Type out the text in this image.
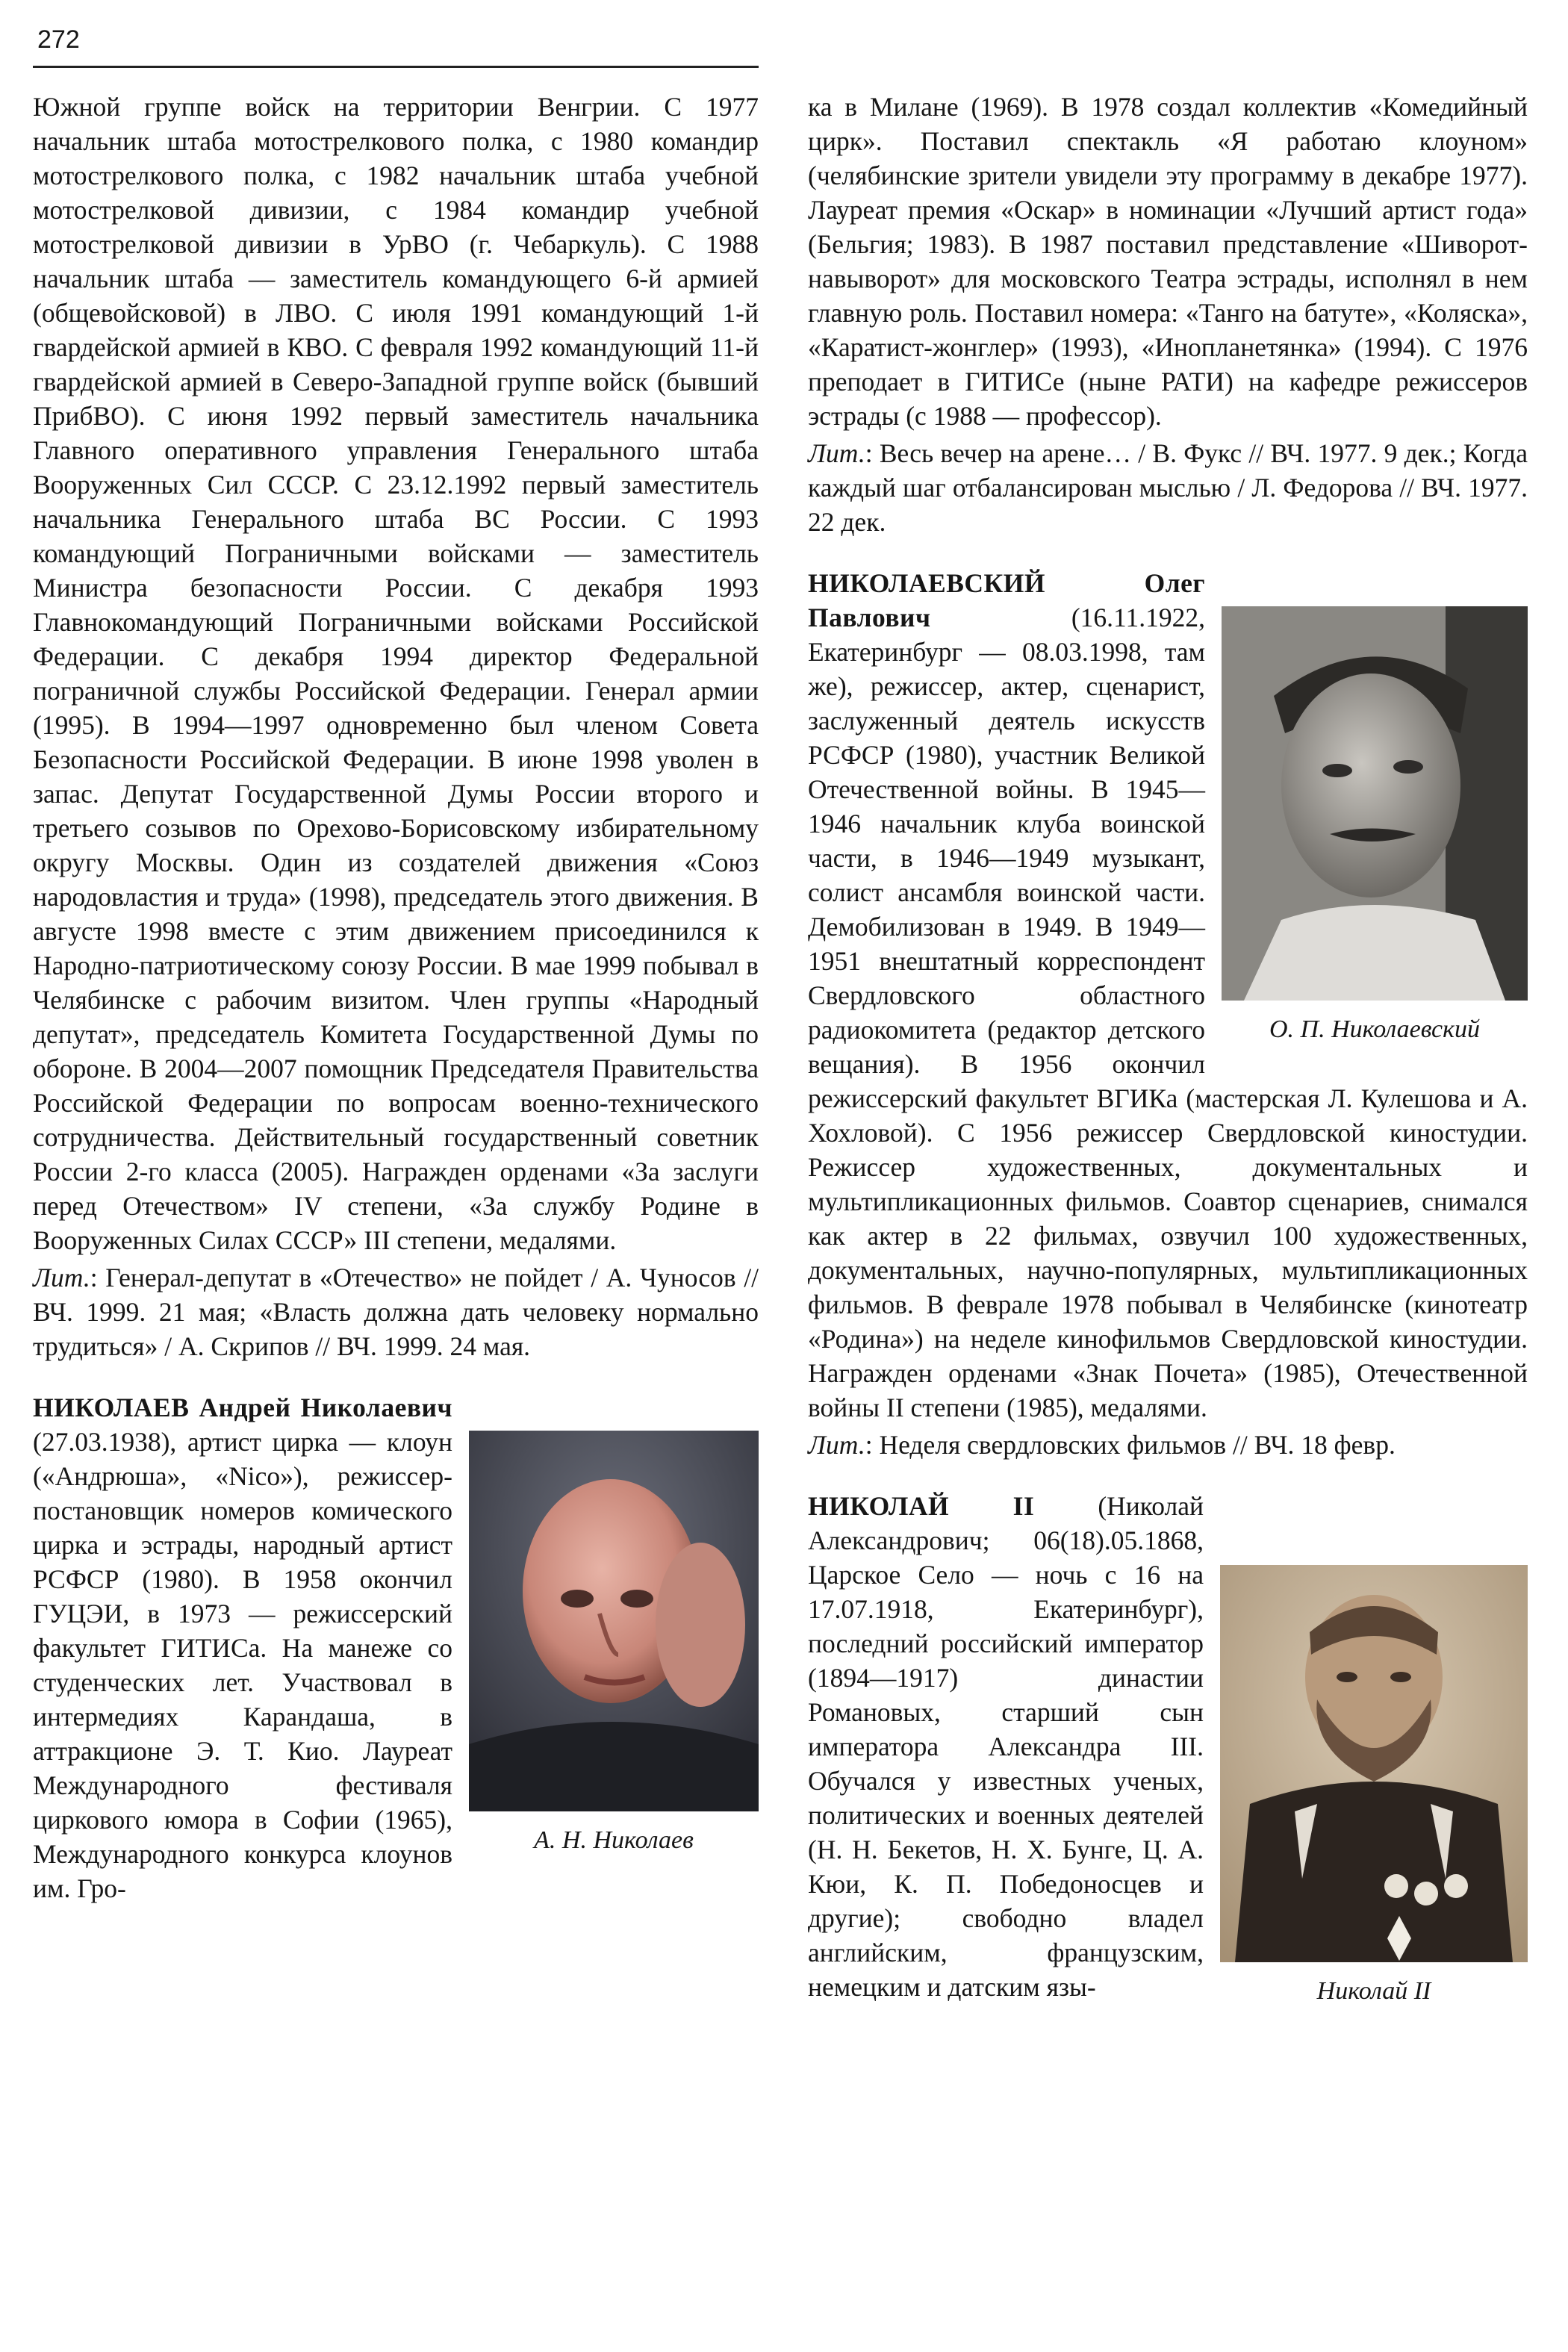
272

Южной группе войск на территории Венгрии. С 1977 начальник штаба мотострелкового полка, с 1980 командир мотострелкового полка, с 1982 начальник штаба учебной мотострелковой дивизии, с 1984 командир учебной мотострелковой дивизии в УрВО (г. Чебаркуль). С 1988 начальник штаба — заместитель командующего 6-й армией (общевойсковой) в ЛВО. С июля 1991 командующий 1-й гвардейской армией в КВО. С февраля 1992 командующий 11-й гвардейской армией в Северо-Западной группе войск (бывший ПрибВО). С июня 1992 первый заместитель начальника Главного оперативного управления Генерального штаба Вооруженных Сил СССР. С 23.12.1992 первый заместитель начальника Генерального штаба ВС России. С 1993 командующий Пограничными войсками — заместитель Министра безопасности России. С декабря 1993 Главнокомандующий Пограничными войсками Российской Федерации. С декабря 1994 директор Федеральной пограничной службы Российской Федерации. Генерал армии (1995). В 1994—1997 одновременно был членом Совета Безопасности Российской Федерации. В июне 1998 уволен в запас. Депутат Государственной Думы России второго и третьего созывов по Орехово-Борисовскому избирательному округу Москвы. Один из создателей движения «Союз народовластия и труда» (1998), председатель этого движения. В августе 1998 вместе с этим движением присоединился к Народно-патриотическому союзу России. В мае 1999 побывал в Челябинске с рабочим визитом. Член группы «Народный депутат», председатель Комитета Государственной Думы по обороне. В 2004—2007 помощник Председателя Правительства Российской Федерации по вопросам военно-технического сотрудничества. Действительный государственный советник России 2-го класса (2005). Награжден орденами «За заслуги перед Отечеством» IV степени, «За службу Родине в Вооруженных Силах СССР» III степени, медалями.

Лит.: Генерал-депутат в «Отечество» не пойдет / А. Чуносов // ВЧ. 1999. 21 мая; «Власть должна дать человеку нормально трудиться» / А. Скрипов // ВЧ. 1999. 24 мая.

А. Н. Николаев

НИКОЛАЕВ Андрей Николаевич (27.03.1938), артист цирка — клоун («Андрюша», «Nico»), режиссер-постановщик номеров комического цирка и эстрады, народный артист РСФСР (1980). В 1958 окончил ГУЦЭИ, в 1973 — режиссерский факультет ГИТИСа. На манеже со студенческих лет. Участвовал в интермедиях Карандаша, в аттракционе Э. Т. Кио. Лауреат Международного фестиваля циркового юмора в Софии (1965), Международного конкурса клоунов им. Гро-

ка в Милане (1969). В 1978 создал коллектив «Комедийный цирк». Поставил спектакль «Я работаю клоуном» (челябинские зрители увидели эту программу в декабре 1977). Лауреат премия «Оскар» в номинации «Лучший артист года» (Бельгия; 1983). В 1987 поставил представление «Шиворот-навыворот» для московского Театра эстрады, исполнял в нем главную роль. Поставил номера: «Танго на батуте», «Коляска», «Каратист-жонглер» (1993), «Инопланетянка» (1994). С 1976 преподает в ГИТИСе (ныне РАТИ) на кафедре режиссеров эстрады (с 1988 — профессор).

Лит.: Весь вечер на арене… / В. Фукс // ВЧ. 1977. 9 дек.; Когда каждый шаг отбалансирован мыслью / Л. Федорова // ВЧ. 1977. 22 дек.

О. П. Николаевский

НИКОЛАЕВСКИЙ Олег Павлович (16.11.1922, Екатеринбург — 08.03.1998, там же), режиссер, актер, сценарист, заслуженный деятель искусств РСФСР (1980), участник Великой Отечественной войны. В 1945—1946 начальник клуба воинской части, в 1946—1949 музыкант, солист ансамбля воинской части. Демобилизован в 1949. В 1949—1951 внештатный корреспондент Свердловского областного радиокомитета (редактор детского вещания). В 1956 окончил режиссерский факультет ВГИКа (мастерская Л. Кулешова и А. Хохловой). С 1956 режиссер Свердловской киностудии. Режиссер художественных, документальных и мультипликационных фильмов. Соавтор сценариев, снимался как актер в 22 фильмах, озвучил 100 художественных, документальных, научно-популярных, мультипликационных фильмов. В феврале 1978 побывал в Челябинске (кинотеатр «Родина») на неделе кинофильмов Свердловской киностудии. Награжден орденами «Знак Почета» (1985), Отечественной войны II степени (1985), медалями.

Лит.: Неделя свердловских фильмов // ВЧ. 18 февр.

Николай II

НИКОЛАЙ II (Николай Александрович; 06(18).05.1868, Царское Село — ночь с 16 на 17.07.1918, Екатеринбург), последний российский император (1894—1917) династии Романовых, старший сын императора Александра III. Обучался у известных ученых, политических и военных деятелей (Н. Н. Бекетов, Н. Х. Бунге, Ц. А. Кюи, К. П. Победоносцев и другие); свободно владел английским, французским, немецким и датским язы-
